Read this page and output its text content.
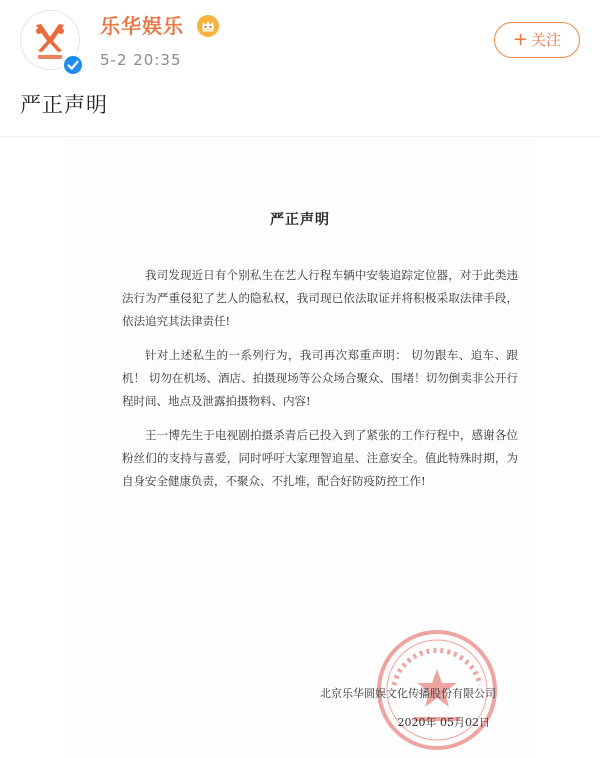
乐华娱乐
5-2 20:35
+ 关注
严正声明
严正声明

我司发现近日有个别私生在艺人行程车辆中安装追踪定位器，对于此类违法行为严重侵犯了艺人的隐私权，我司现已依法取证并将积极采取法律手段，依法追究其法律责任!

针对上述私生的一系列行为，我司再次郑重声明： 切勿跟车、追车、跟机！ 切勿在机场、酒店、拍摄现场等公众场合聚众、围堵！切勿倒卖非公开行程时间、地点及泄露拍摄物料、内容!

王一博先生于电视剧拍摄杀青后已投入到了紧张的工作行程中，感谢各位粉丝们的支持与喜爱，同时呼吁大家理智追星、注意安全。值此特殊时期，为自身安全健康负责，不聚众、不扎堆，配合好防疫防控工作!

北京乐华圆娱文化传播股份有限公司
2020年 05月02日
